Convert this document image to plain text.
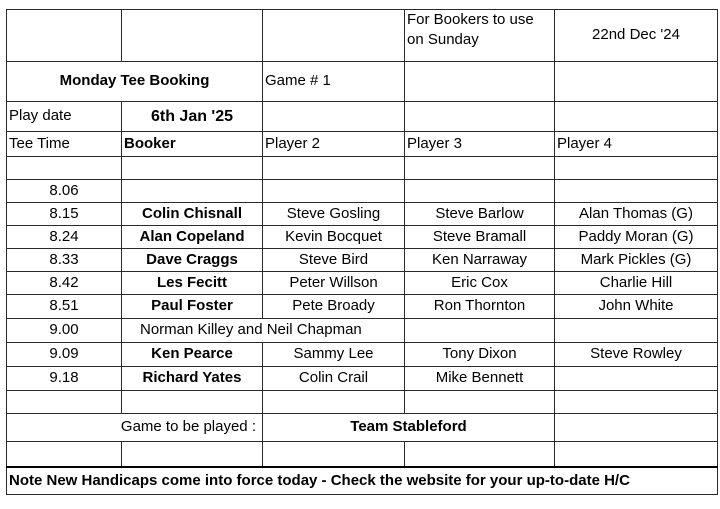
			For Bookers to use on Sunday	22nd Dec '24
Monday Tee Booking		Game # 1		
Play date	6th Jan '25			
Tee Time	Booker	Player 2	Player 3	Player 4

8.06				
8.15	Colin Chisnall	Steve Gosling	Steve Barlow	Alan Thomas (G)
8.24	Alan Copeland	Kevin Bocquet	Steve Bramall	Paddy Moran (G)
8.33	Dave Craggs	Steve Bird	Ken Narraway	Mark Pickles (G)
8.42	Les Fecitt	Peter Willson	Eric Cox	Charlie Hill
8.51	Paul Foster	Pete Broady	Ron Thornton	John White
9.00	Norman Killey and Neil Chapman			
9.09	Ken Pearce	Sammy Lee	Tony Dixon	Steve Rowley
9.18	Richard Yates	Colin Crail	Mike Bennett	

Game to be played :		Team Stableford		

Note New Handicaps come into force today - Check the website for your up-to-date H/C				
